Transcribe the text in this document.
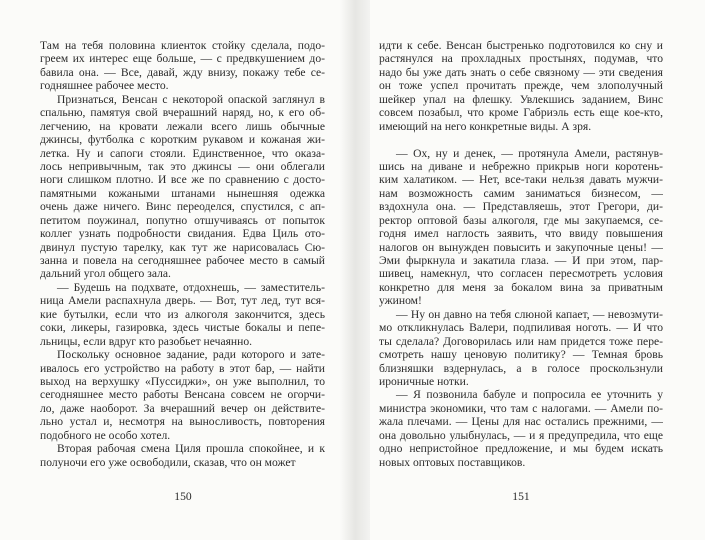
Там на тебя половина клиенток стойку сделала, подо-
греем их интерес еще больше, — с предвкушением до-
бавила она. — Все, давай, жду внизу, покажу тебе се-
годняшнее рабочее место.
Признаться, Венсан с некоторой опаской заглянул в
спальню, памятуя свой вчерашний наряд, но, к его об-
легчению, на кровати лежали всего лишь обычные
джинсы, футболка с коротким рукавом и кожаная жи-
летка. Ну и сапоги стояли. Единственное, что оказа-
лось непривычным, так это джинсы — они облегали
ноги слишком плотно. И все же по сравнению с досто-
памятными кожаными штанами нынешняя одежка
очень даже ничего. Винс переоделся, спустился, с ап-
петитом поужинал, попутно отшучиваясь от попыток
коллег узнать подробности свидания. Едва Циль ото-
двинул пустую тарелку, как тут же нарисовалась Сю-
занна и повела на сегодняшнее рабочее место в самый
дальний угол общего зала.
— Будешь на подхвате, отдохнешь, — заместитель-
ница Амели распахнула дверь. — Вот, тут лед, тут вся-
кие бутылки, если что из алкоголя закончится, здесь
соки, ликеры, газировка, здесь чистые бокалы и пепе-
льницы, если вдруг кто разобьет нечаянно.
Поскольку основное задание, ради которого и зате-
ивалось его устройство на работу в этот бар, — найти
выход на верхушку «Пуссиджи», он уже выполнил, то
сегодняшнее место работы Венсана совсем не огорчи-
ло, даже наоборот. За вчерашний вечер он действите-
льно устал и, несмотря на выносливость, повторения
подобного не особо хотел.
Вторая рабочая смена Циля прошла спокойнее, и к
полуночи его уже освободили, сказав, что он может
идти к себе. Венсан быстренько подготовился ко сну и
растянулся на прохладных простынях, подумав, что
надо бы уже дать знать о себе связному — эти сведения
он тоже успел прочитать прежде, чем злополучный
шейкер упал на флешку. Увлекшись заданием, Винс
совсем позабыл, что кроме Габриэль есть еще кое-кто,
имеющий на него конкретные виды. А зря.
— Ох, ну и денек, — протянула Амели, растянув-
шись на диване и небрежно прикрыв ноги коротень-
ким халатиком. — Нет, все-таки нельзя давать мужчи-
нам возможность самим заниматься бизнесом, —
вздохнула она. — Представляешь, этот Грегори, ди-
ректор оптовой базы алкоголя, где мы закупаемся, се-
годня имел наглость заявить, что ввиду повышения
налогов он вынужден повысить и закупочные цены! —
Эми фыркнула и закатила глаза. — И при этом, пар-
шивец, намекнул, что согласен пересмотреть условия
конкретно для меня за бокалом вина за приватным
ужином!
— Ну он давно на тебя слюной капает, — невозмути-
мо откликнулась Валери, подпиливая ноготь. — И что
ты сделала? Договорилась или нам придется тоже пере-
смотреть нашу ценовую политику? — Темная бровь
близняшки вздернулась, а в голосе проскользнули
ироничные нотки.
— Я позвонила бабуле и попросила ее уточнить у
министра экономики, что там с налогами. — Амели по-
жала плечами. — Цены для нас остались прежними, —
она довольно улыбнулась, — и я предупредила, что еще
одно непристойное предложение, и мы будем искать
новых оптовых поставщиков.
150	151
